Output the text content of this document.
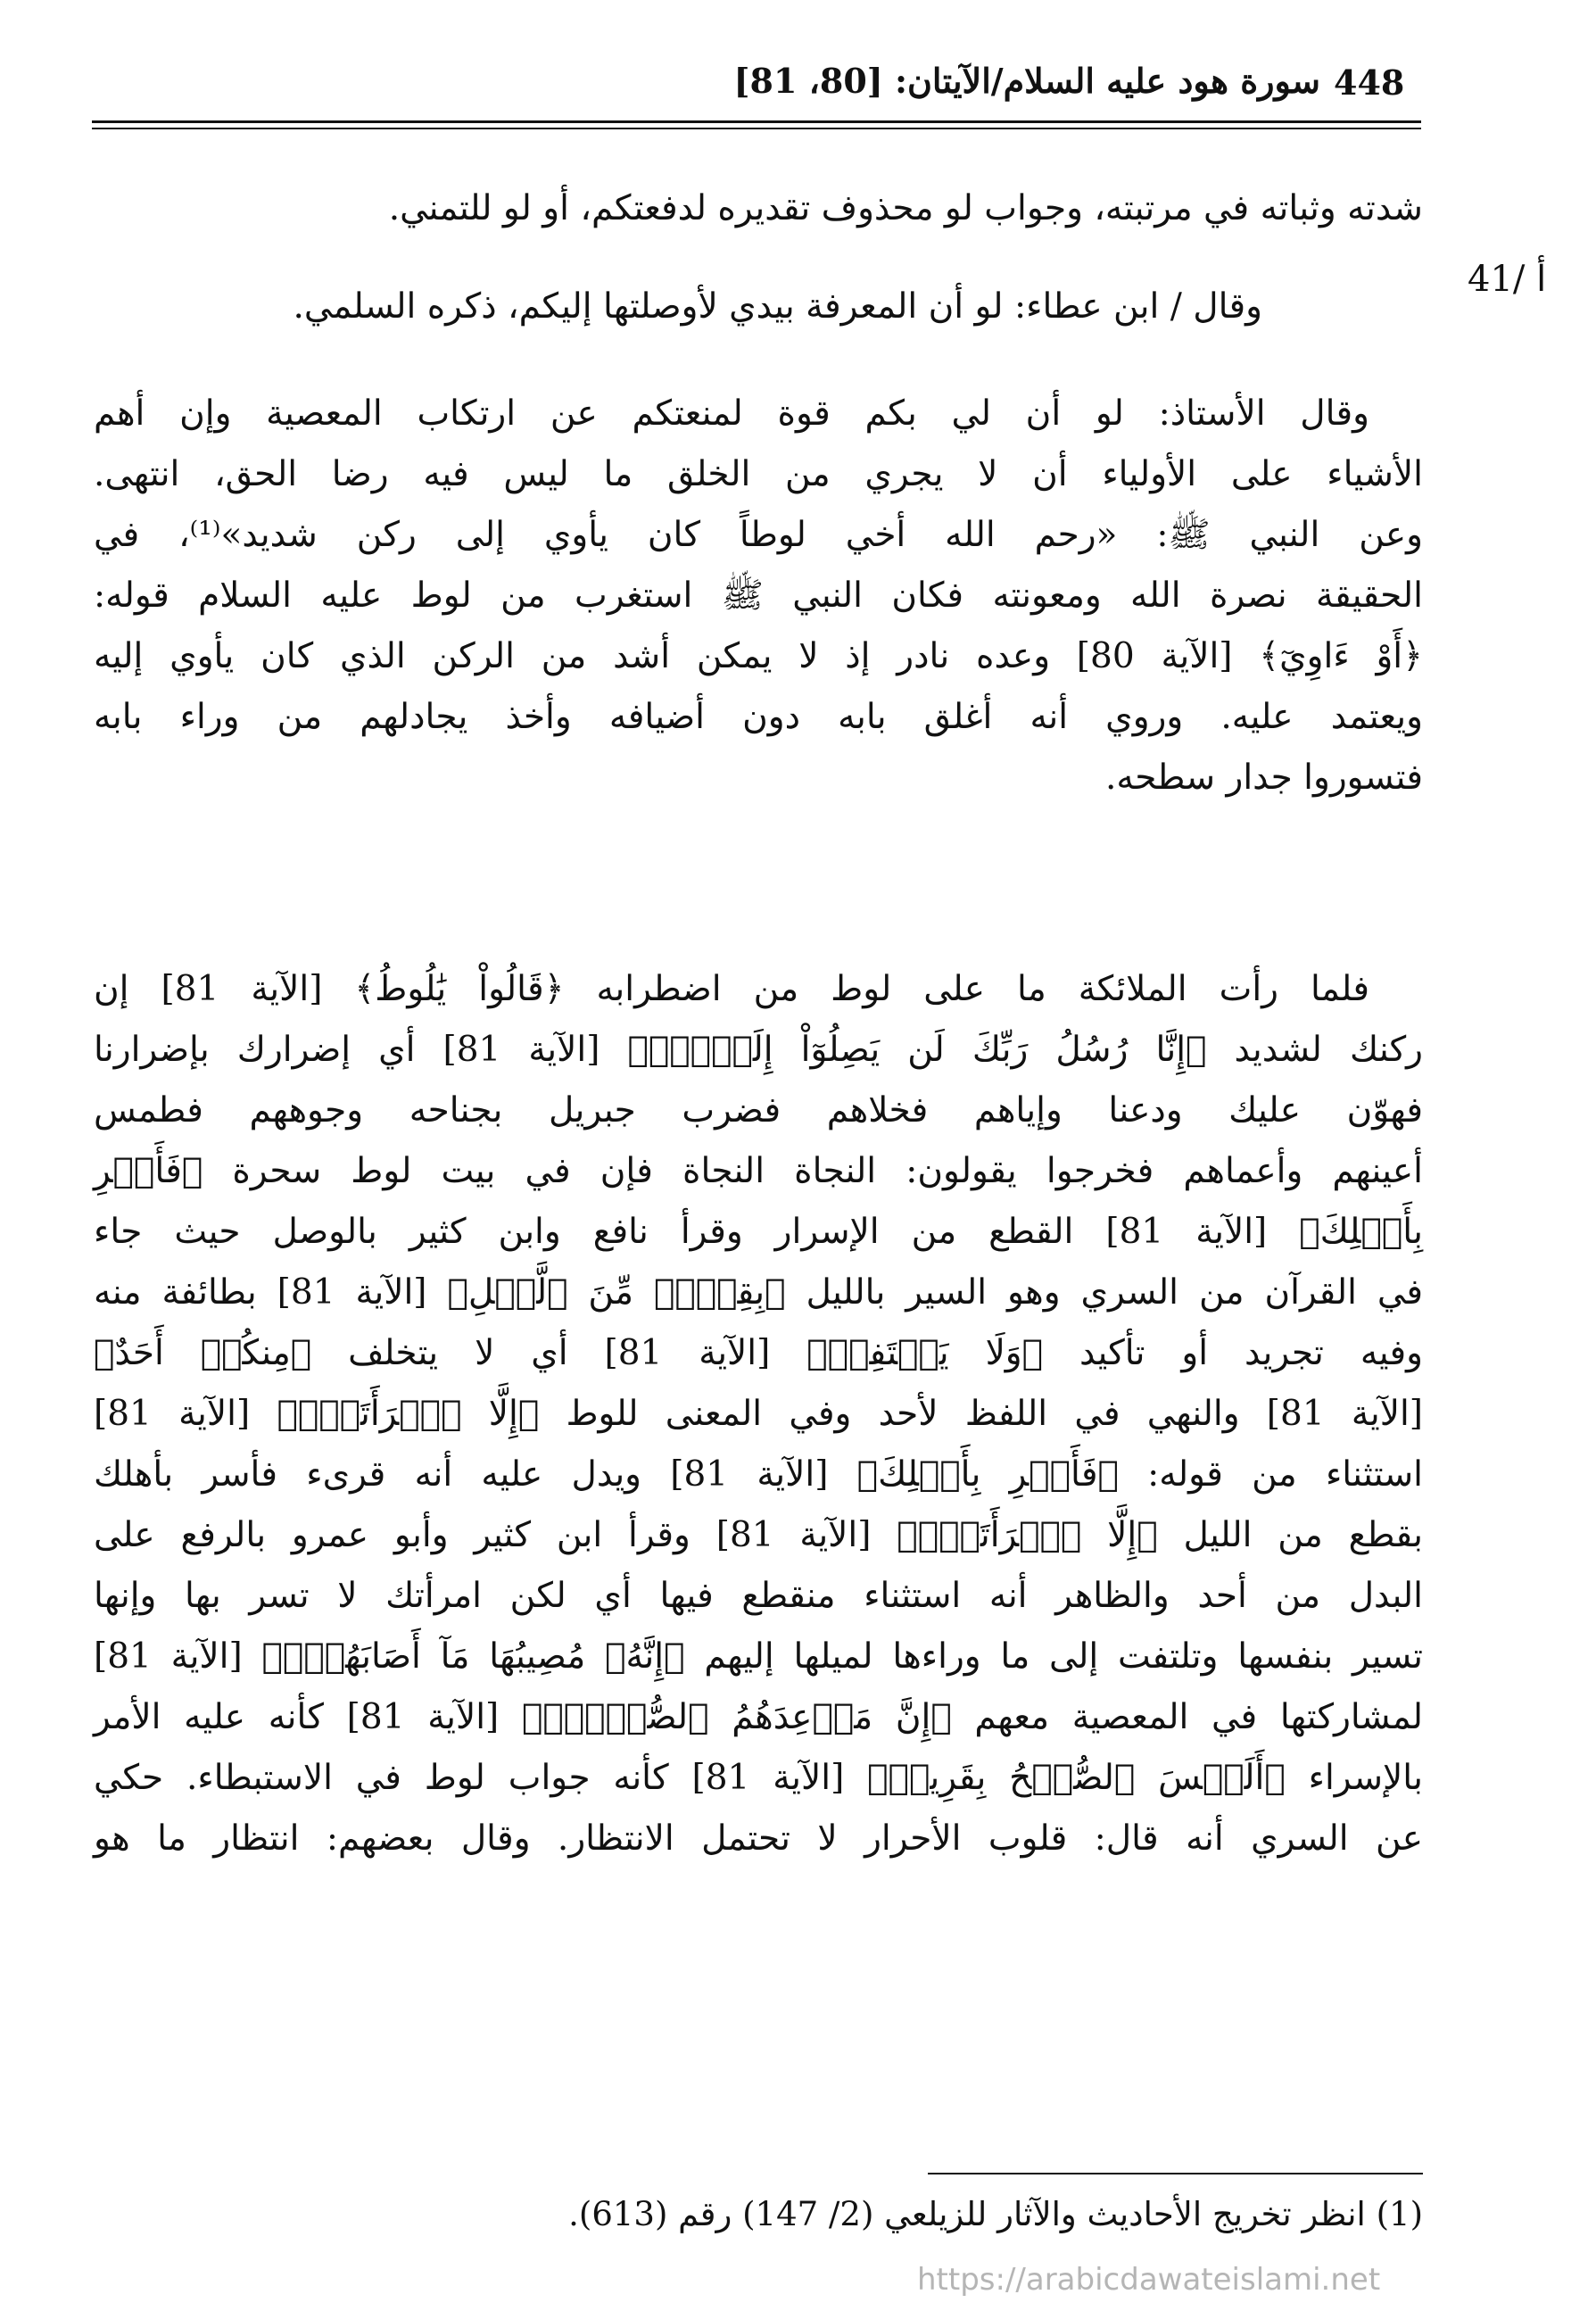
448
سورة هود عليه السلام/الآيتان: [80، 81]
41/ أ
شدته وثباته في مرتبته، وجواب لو محذوف تقديره لدفعتكم، أو لو للتمني.
وقال / ابن عطاء: لو أن المعرفة بيدي لأوصلتها إليكم، ذكره السلمي.
وقال الأستاذ: لو أن لي بكم قوة لمنعتكم عن ارتكاب المعصية وإن أهم
الأشياء على الأولياء أن لا يجري من الخلق ما ليس فيه رضا الحق، انتهى.
وعن النبي ﷺ: «رحم الله أخي لوطاً كان يأوي إلى ركن شديد»⁽¹⁾، في
الحقيقة نصرة الله ومعونته فكان النبي ﷺ استغرب من لوط عليه السلام قوله:
﴿أَوْ ءَاوِيٓ﴾ [الآية 80] وعده نادر إذ لا يمكن أشد من الركن الذي كان يأوي إليه
ويعتمد عليه. وروي أنه أغلق بابه دون أضيافه وأخذ يجادلهم من وراء بابه
فتسوروا جدار سطحه.
فلما رأت الملائكة ما على لوط من اضطرابه ﴿قَالُواْ يَٰلُوطُ﴾ [الآية 81] إن
ركنك لشديد ﴿إِنَّا رُسُلُ رَبِّكَ لَن يَصِلُوٓاْ إِلَيۡكَۖ﴾ [الآية 81] أي إضرارك بإضرارنا
فهوّن عليك ودعنا وإياهم فخلاهم فضرب جبريل بجناحه وجوههم فطمس
أعينهم وأعماهم فخرجوا يقولون: النجاة النجاة فإن في بيت لوط سحرة ﴿فَأَسۡرِ
بِأَهۡلِكَ﴾ [الآية 81] القطع من الإسرار وقرأ نافع وابن كثير بالوصل حيث جاء
في القرآن من السري وهو السير بالليل ﴿بِقِطۡعٖ مِّنَ ٱلَّيۡلِ﴾ [الآية 81] بطائفة منه
وفيه تجريد أو تأكيد ﴿وَلَا يَلۡتَفِتۡ﴾ [الآية 81] أي لا يتخلف ﴿مِنكُمۡ أَحَدٌ﴾
[الآية 81] والنهي في اللفظ لأحد وفي المعنى للوط ﴿إِلَّا ٱمۡرَأَتَكَۖ﴾ [الآية 81]
استثناء من قوله: ﴿فَأَسۡرِ بِأَهۡلِكَ﴾ [الآية 81] ويدل عليه أنه قرىء فأسر بأهلك
بقطع من الليل ﴿إِلَّا ٱمۡرَأَتَكَۖ﴾ [الآية 81] وقرأ ابن كثير وأبو عمرو بالرفع على
البدل من أحد والظاهر أنه استثناء منقطع فيها أي لكن امرأتك لا تسر بها وإنها
تسير بنفسها وتلتفت إلى ما وراءها لميلها إليهم ﴿إِنَّهُۥ مُصِيبُهَا مَآ أَصَابَهُمۡۚ﴾ [الآية 81]
لمشاركتها في المعصية معهم ﴿إِنَّ مَوۡعِدَهُمُ ٱلصُّبۡحُۚ﴾ [الآية 81] كأنه عليه الأمر
بالإسراء ﴿أَلَيۡسَ ٱلصُّبۡحُ بِقَرِيبٖ﴾ [الآية 81] كأنه جواب لوط في الاستبطاء. حكي
عن السري أنه قال: قلوب الأحرار لا تحتمل الانتظار. وقال بعضهم: انتظار ما هو
(1) انظر تخريج الأحاديث والآثار للزيلعي (2/ 147) رقم (613).
https://arabicdawateislami.net
